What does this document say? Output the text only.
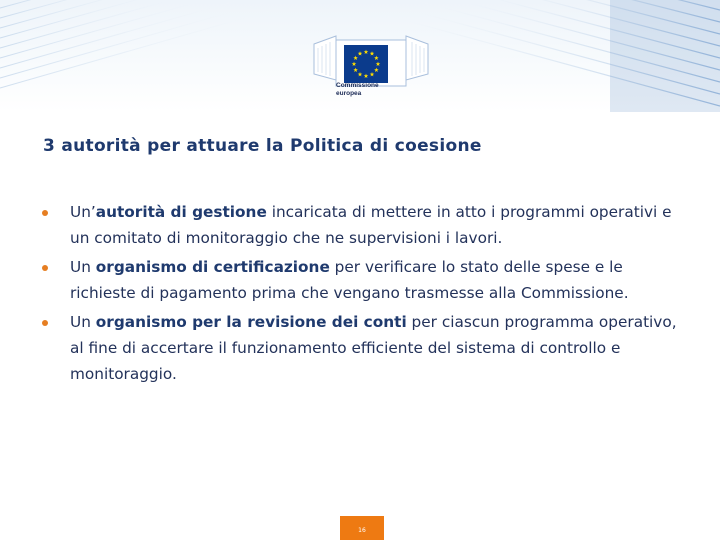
Commissione
europea
3 autorità per attuare la Politica di coesione
Un’autorità di gestione incaricata di mettere in atto i programmi operativi e un comitato di monitoraggio che ne supervisioni i lavori.
Un organismo di certificazione per verificare lo stato delle spese e le richieste di pagamento prima che vengano trasmesse alla Commissione.
Un organismo per la revisione dei conti per ciascun programma operativo, al fine di accertare il funzionamento efficiente del sistema di controllo e monitoraggio.
16
